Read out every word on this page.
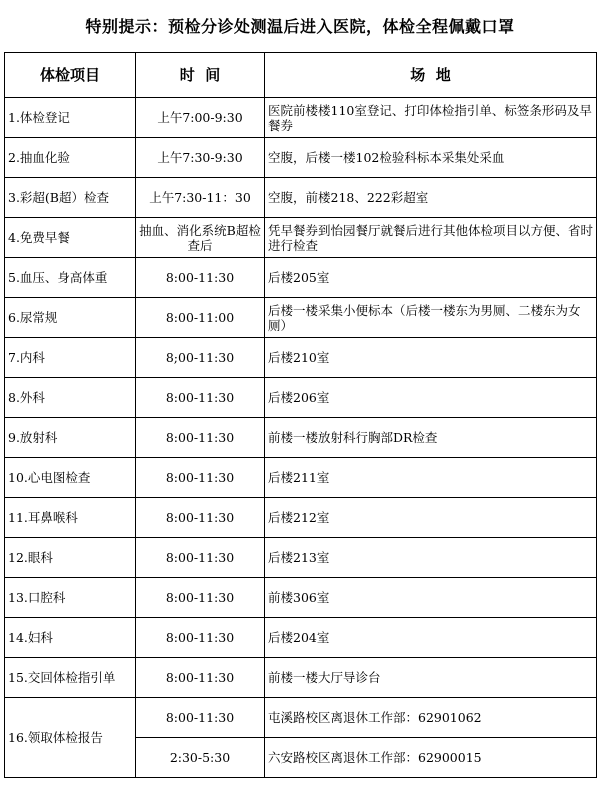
特别提示：预检分诊处测温后进入医院，体检全程佩戴口罩
体检项目	时  间	场  地
1.体检登记	上午7:00-9:30	医院前楼楼110室登记、打印体检指引单、标签条形码及早餐券
2.抽血化验	上午7:30-9:30	空腹，后楼一楼102检验科标本采集处采血
3.彩超(B超）检查	上午7:30-11：30	空腹，前楼218、222彩超室
4.免费早餐	抽血、消化系统B超检查后	凭早餐券到怡园餐厅就餐后进行其他体检项目以方便、省时进行检查
5.血压、身高体重	8:00-11:30	后楼205室
6.尿常规	8:00-11:00	后楼一楼采集小便标本（后楼一楼东为男厕、二楼东为女厕）
7.内科	8;00-11:30	后楼210室
8.外科	8:00-11:30	后楼206室
9.放射科	8:00-11:30	前楼一楼放射科行胸部DR检查
10.心电图检查	8:00-11:30	后楼211室
11.耳鼻喉科	8:00-11:30	后楼212室
12.眼科	8:00-11:30	后楼213室
13.口腔科	8:00-11:30	前楼306室
14.妇科	8:00-11:30	后楼204室
15.交回体检指引单	8:00-11:30	前楼一楼大厅导诊台
16.领取体检报告	8:00-11:30	屯溪路校区离退休工作部：62901062
	2:30-5:30	六安路校区离退休工作部：62900015
